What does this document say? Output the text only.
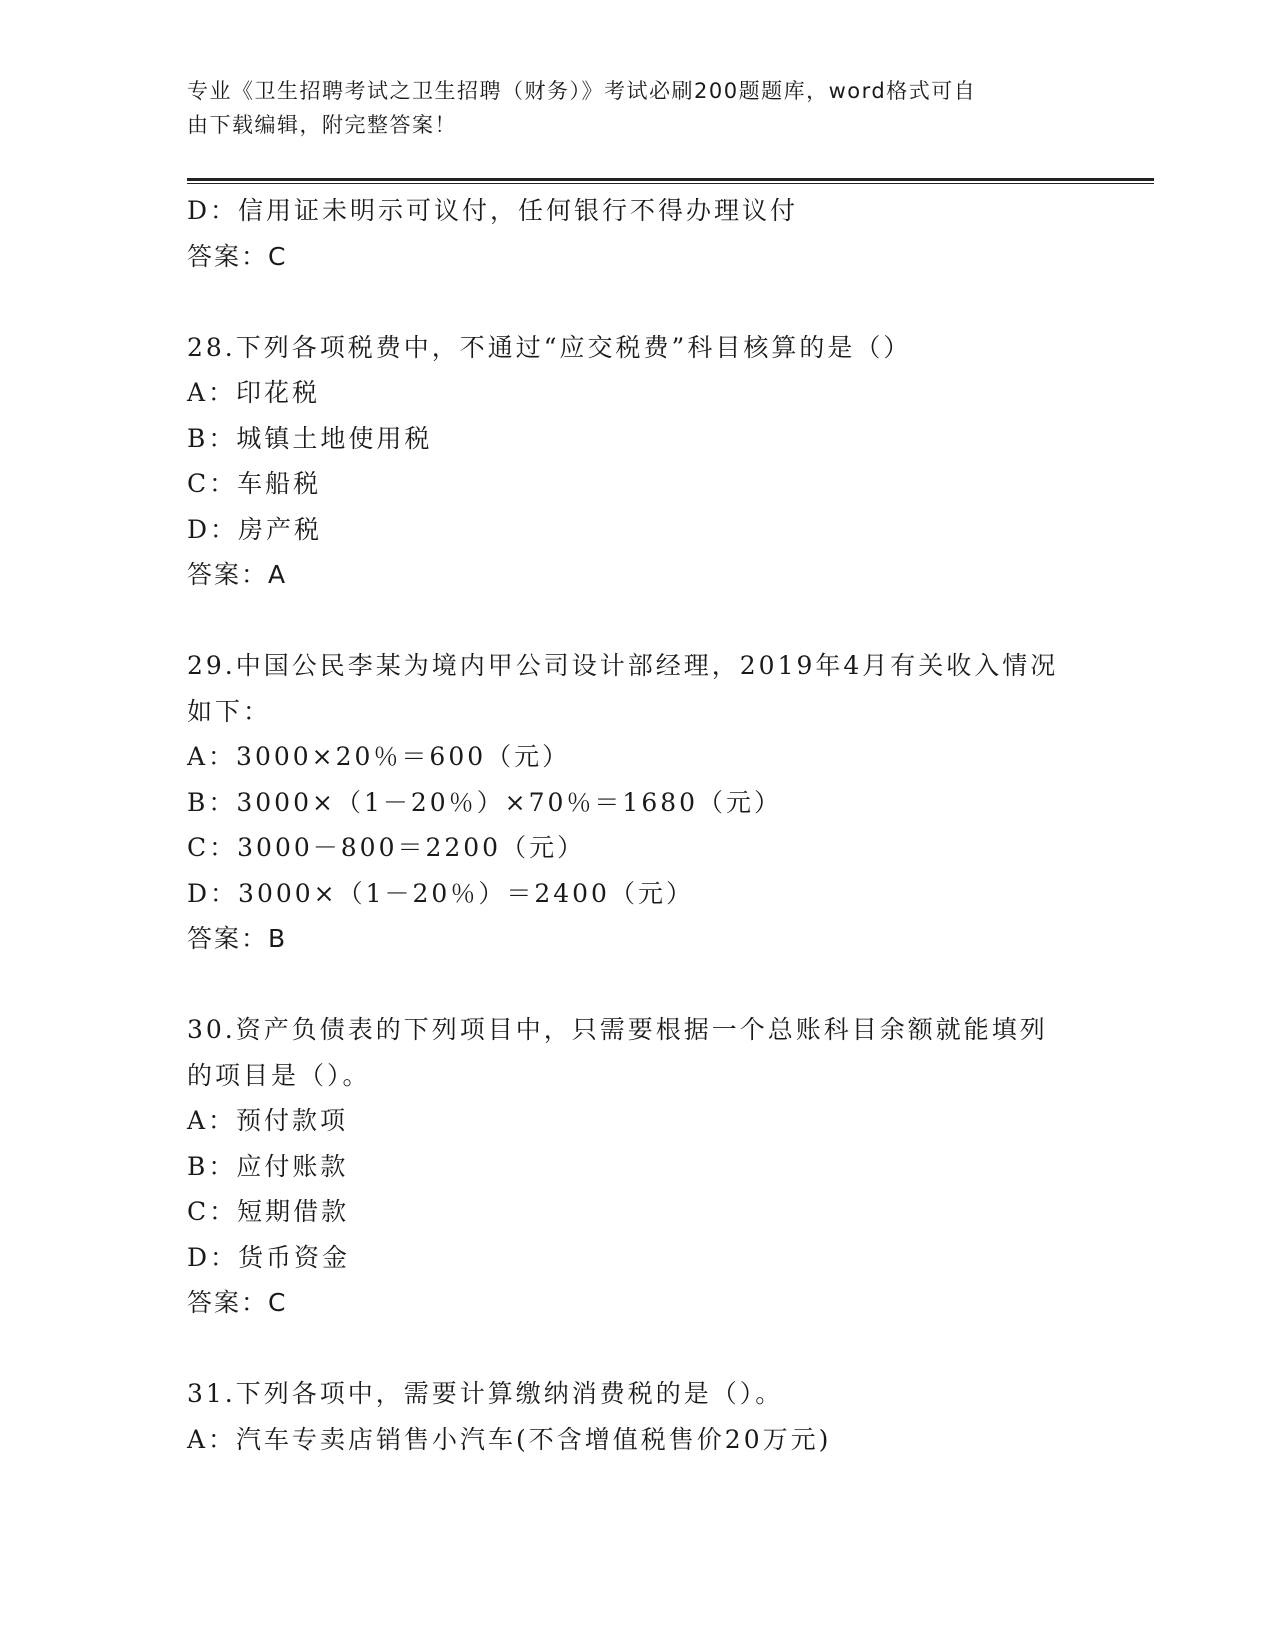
专业《卫生招聘考试之卫生招聘（财务）》考试必刷200题题库，word格式可自
由下载编辑，附完整答案！
D：信用证未明示可议付，任何银行不得办理议付
答案：C
28.下列各项税费中，不通过“应交税费”科目核算的是（）
A：印花税
B：城镇土地使用税
C：车船税
D：房产税
答案：A
29.中国公民李某为境内甲公司设计部经理，2019年4月有关收入情况
如下：
A：3000×20％＝600（元）
B：3000×（1－20％）×70％＝1680（元）
C：3000－800＝2200（元）
D：3000×（1－20％）＝2400（元）
答案：B
30.资产负债表的下列项目中，只需要根据一个总账科目余额就能填列
的项目是（）。
A：预付款项
B：应付账款
C：短期借款
D：货币资金
答案：C
31.下列各项中，需要计算缴纳消费税的是（）。
A：汽车专卖店销售小汽车(不含增值税售价20万元)
